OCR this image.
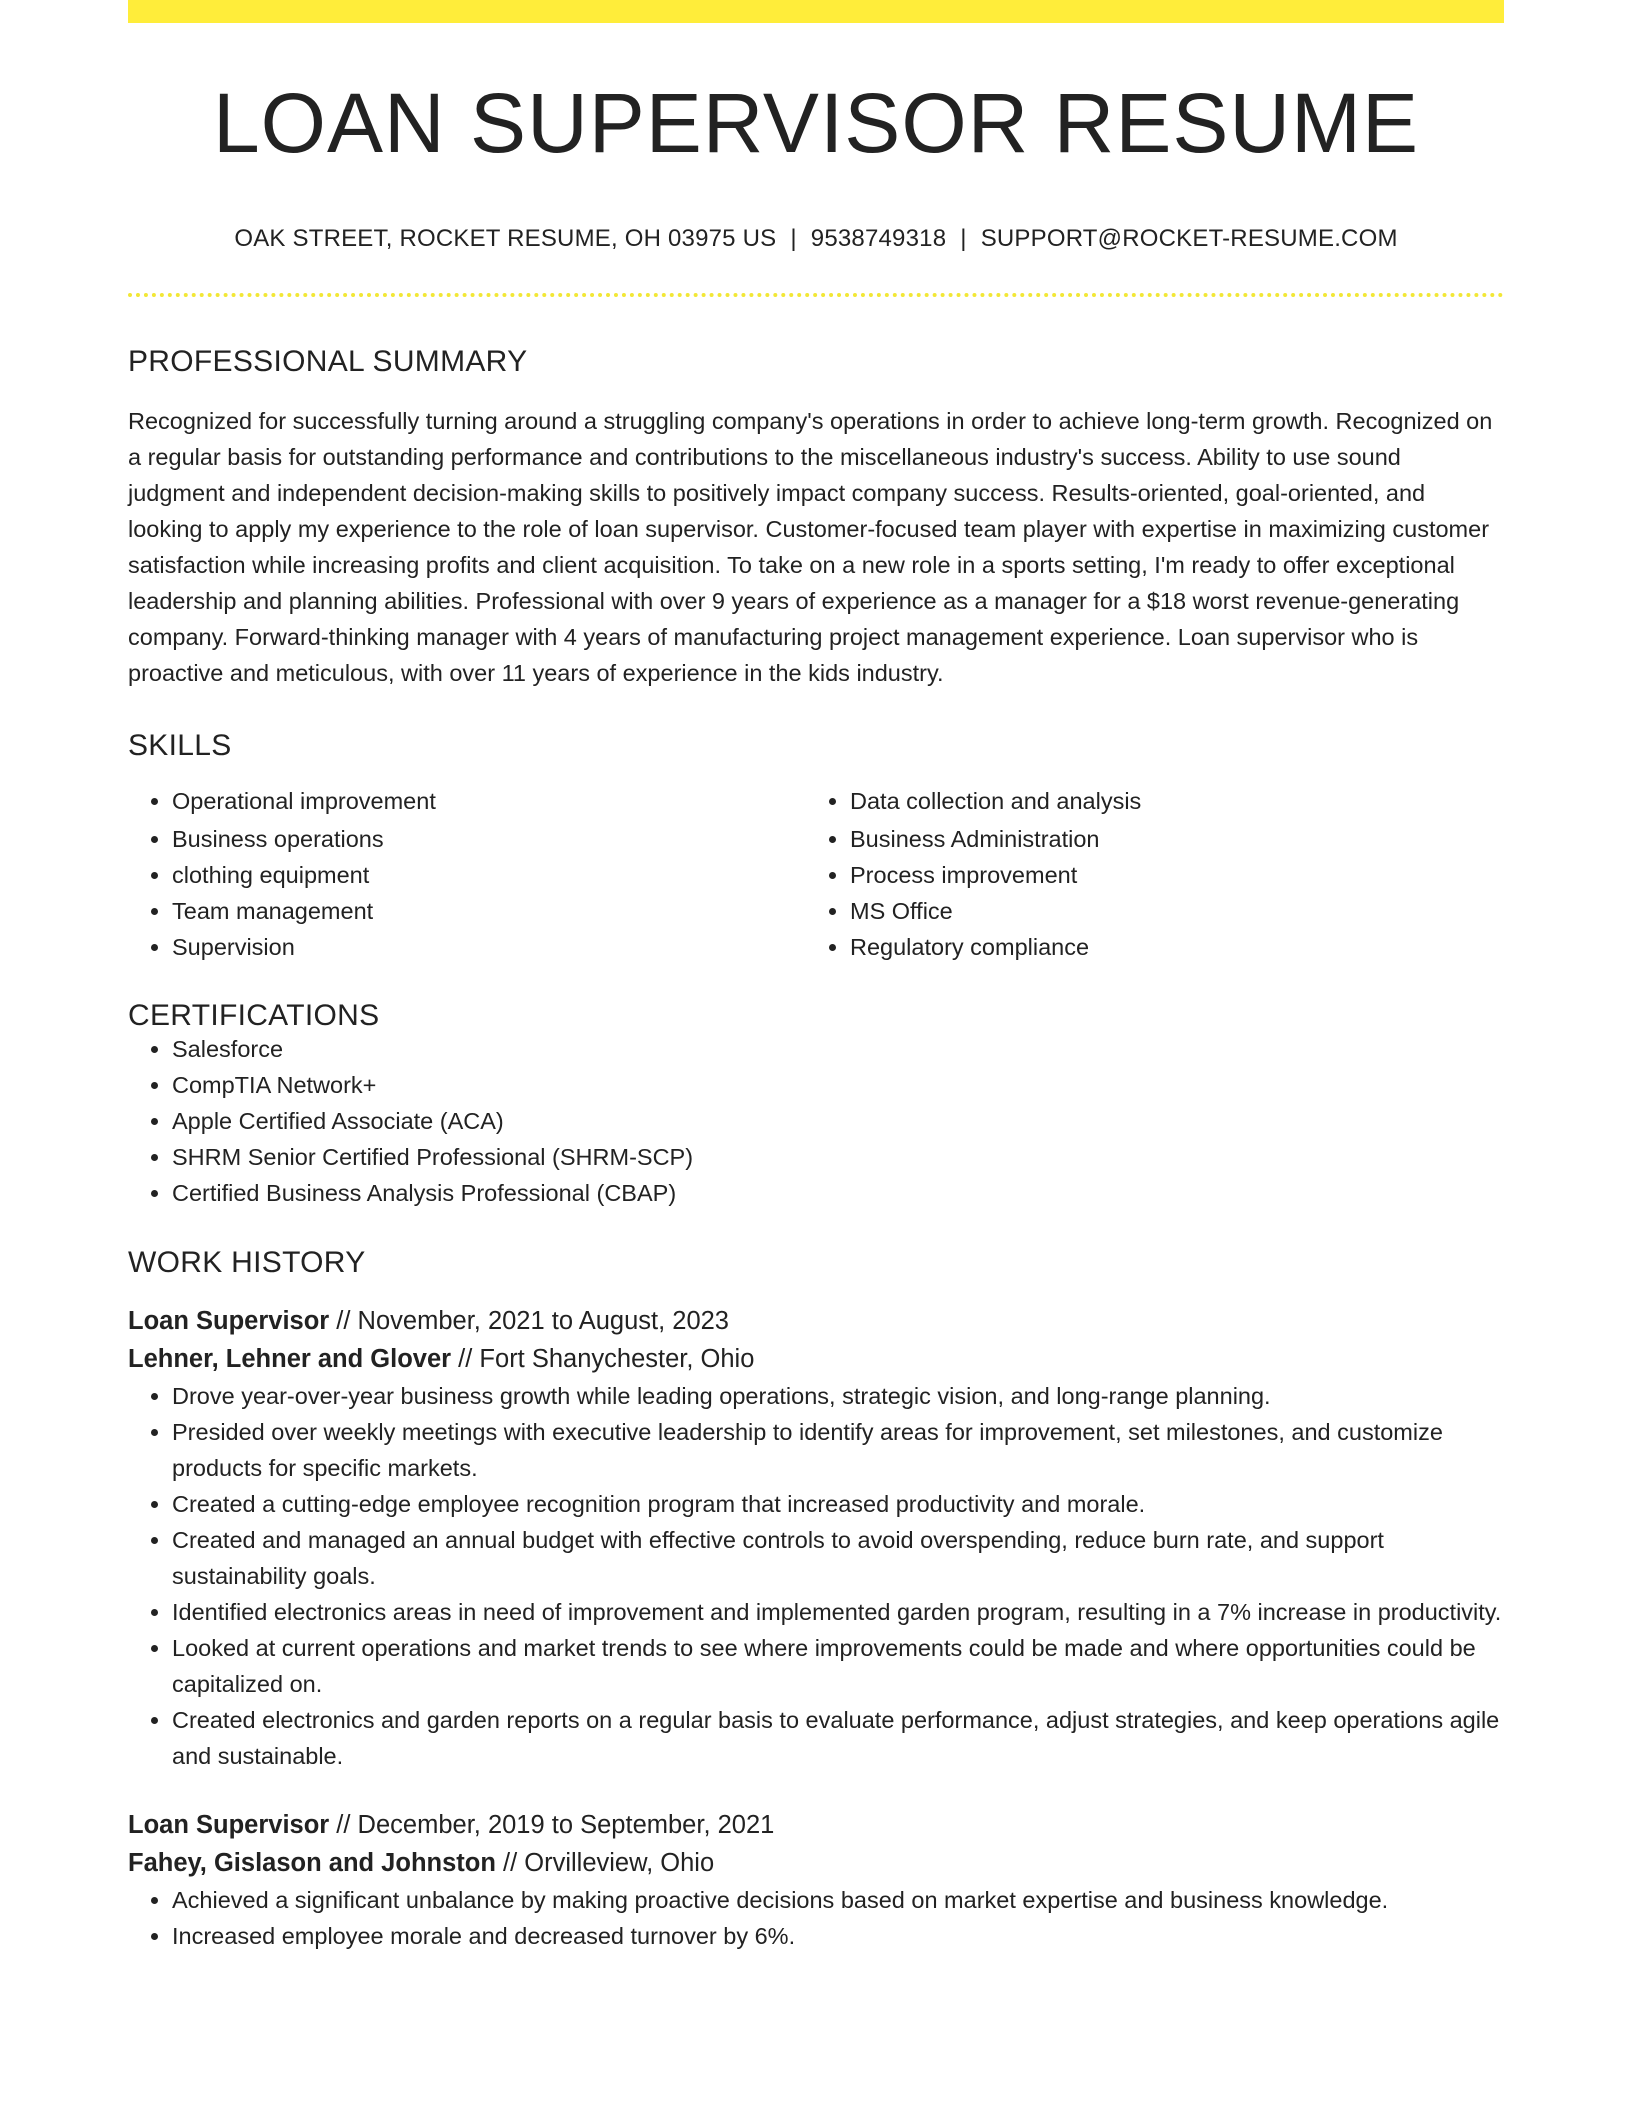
LOAN SUPERVISOR RESUME
OAK STREET, ROCKET RESUME, OH 03975 US | 9538749318 | SUPPORT@ROCKET-RESUME.COM
PROFESSIONAL SUMMARY

Recognized for successfully turning around a struggling company's operations in order to achieve long-term growth. Recognized on a regular basis for outstanding performance and contributions to the miscellaneous industry's success. Ability to use sound judgment and independent decision-making skills to positively impact company success. Results-oriented, goal-oriented, and looking to apply my experience to the role of loan supervisor. Customer-focused team player with expertise in maximizing customer satisfaction while increasing profits and client acquisition. To take on a new role in a sports setting, I'm ready to offer exceptional leadership and planning abilities. Professional with over 9 years of experience as a manager for a $18 worst revenue-generating company. Forward-thinking manager with 4 years of manufacturing project management experience. Loan supervisor who is proactive and meticulous, with over 11 years of experience in the kids industry.

SKILLS
• Operational improvement
• Business operations
• clothing equipment
• Team management
• Supervision
• Data collection and analysis
• Business Administration
• Process improvement
• MS Office
• Regulatory compliance
CERTIFICATIONS
• Salesforce
• CompTIA Network+
• Apple Certified Associate (ACA)
• SHRM Senior Certified Professional (SHRM-SCP)
• Certified Business Analysis Professional (CBAP)
WORK HISTORY
Loan Supervisor // November, 2021 to August, 2023
Lehner, Lehner and Glover // Fort Shanychester, Ohio
• Drove year-over-year business growth while leading operations, strategic vision, and long-range planning.
• Presided over weekly meetings with executive leadership to identify areas for improvement, set milestones, and customize products for specific markets.
• Created a cutting-edge employee recognition program that increased productivity and morale.
• Created and managed an annual budget with effective controls to avoid overspending, reduce burn rate, and support sustainability goals.
• Identified electronics areas in need of improvement and implemented garden program, resulting in a 7% increase in productivity.
• Looked at current operations and market trends to see where improvements could be made and where opportunities could be capitalized on.
• Created electronics and garden reports on a regular basis to evaluate performance, adjust strategies, and keep operations agile and sustainable.
Loan Supervisor // December, 2019 to September, 2021
Fahey, Gislason and Johnston // Orvilleview, Ohio
• Achieved a significant unbalance by making proactive decisions based on market expertise and business knowledge.
• Increased employee morale and decreased turnover by 6%.
